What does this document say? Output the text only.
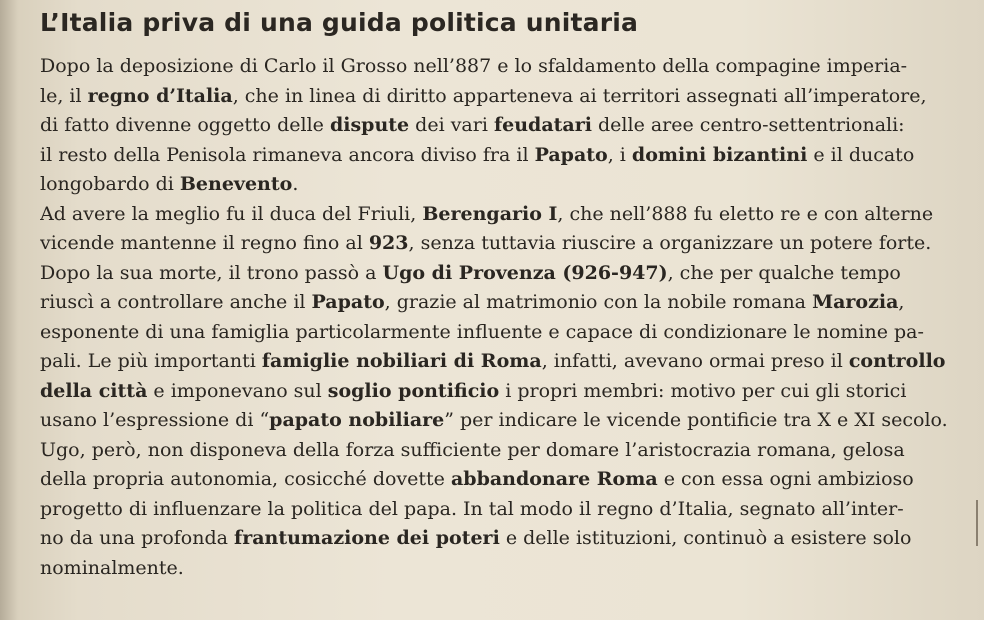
L’Italia priva di una guida politica unitaria
Dopo la deposizione di Carlo il Grosso nell’887 e lo sfaldamento della compagine imperia-
le, il regno d’Italia, che in linea di diritto apparteneva ai territori assegnati all’imperatore,
di fatto divenne oggetto delle dispute dei vari feudatari delle aree centro-settentrionali:
il resto della Penisola rimaneva ancora diviso fra il Papato, i domini bizantini e il ducato
longobardo di Benevento.
Ad avere la meglio fu il duca del Friuli, Berengario I, che nell’888 fu eletto re e con alterne
vicende mantenne il regno fino al 923, senza tuttavia riuscire a organizzare un potere forte.
Dopo la sua morte, il trono passò a Ugo di Provenza (926-947), che per qualche tempo
riuscì a controllare anche il Papato, grazie al matrimonio con la nobile romana Marozia,
esponente di una famiglia particolarmente influente e capace di condizionare le nomine pa-
pali. Le più importanti famiglie nobiliari di Roma, infatti, avevano ormai preso il controllo
della città e imponevano sul soglio pontificio i propri membri: motivo per cui gli storici
usano l’espressione di “papato nobiliare” per indicare le vicende pontificie tra X e XI secolo.
Ugo, però, non disponeva della forza sufficiente per domare l’aristocrazia romana, gelosa
della propria autonomia, cosicché dovette abbandonare Roma e con essa ogni ambizioso
progetto di influenzare la politica del papa. In tal modo il regno d’Italia, segnato all’inter-
no da una profonda frantumazione dei poteri e delle istituzioni, continuò a esistere solo
nominalmente.
